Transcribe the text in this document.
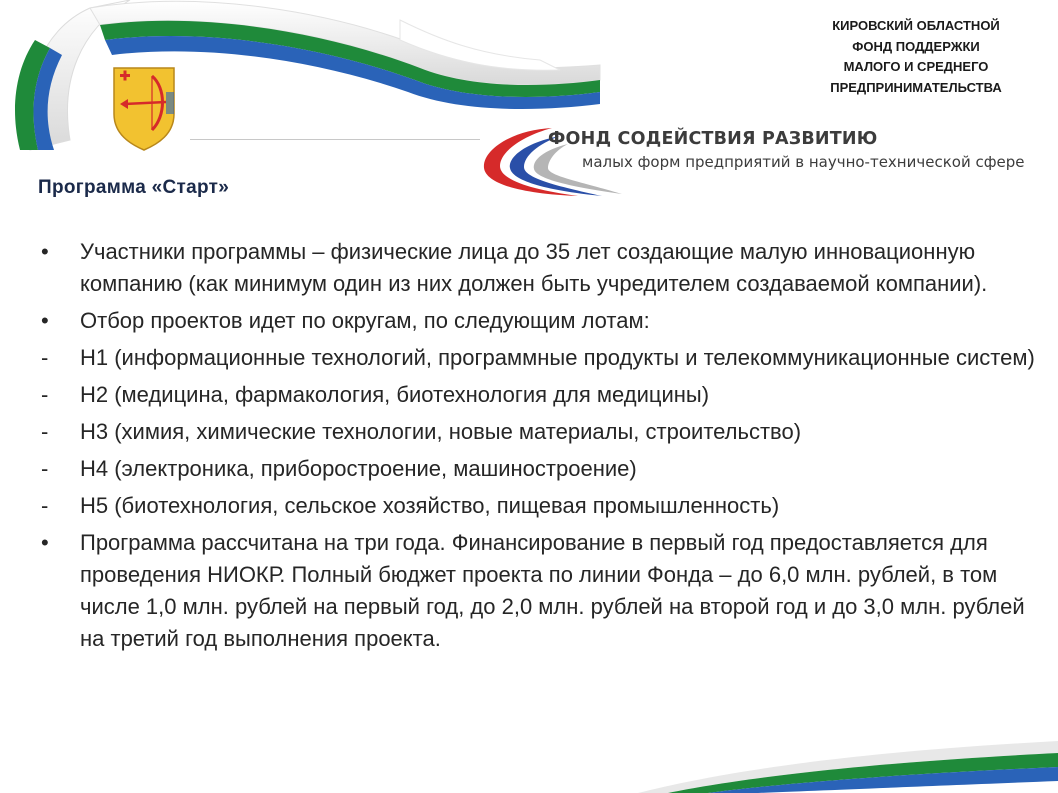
КИРОВСКИЙ ОБЛАСТНОЙ
ФОНД ПОДДЕРЖКИ
МАЛОГО И СРЕДНЕГО
ПРЕДПРИНИМАТЕЛЬСТВА
ФОНД СОДЕЙСТВИЯ РАЗВИТИЮ
малых форм предприятий в научно-технической сфере
Программа «Старт»
•	Участники программы – физические лица до 35 лет создающие малую инновационную компанию (как минимум один из них должен быть учредителем создаваемой компании).
•	Отбор проектов идет по округам, по следующим лотам:
-	Н1 (информационные технологий, программные продукты и телекоммуникационные систем)
-	Н2 (медицина, фармакология, биотехнология для медицины)
-	Н3 (химия, химические технологии, новые материалы, строительство)
-	Н4 (электроника, приборостроение, машиностроение)
-	Н5 (биотехнология, сельское хозяйство, пищевая промышленность)
•	Программа рассчитана на три года. Финансирование в первый год предоставляется для проведения НИОКР. Полный бюджет проекта по линии Фонда – до 6,0 млн. рублей, в том числе 1,0 млн. рублей на первый год, до 2,0 млн. рублей на второй год и до 3,0 млн. рублей на третий год выполнения проекта.
